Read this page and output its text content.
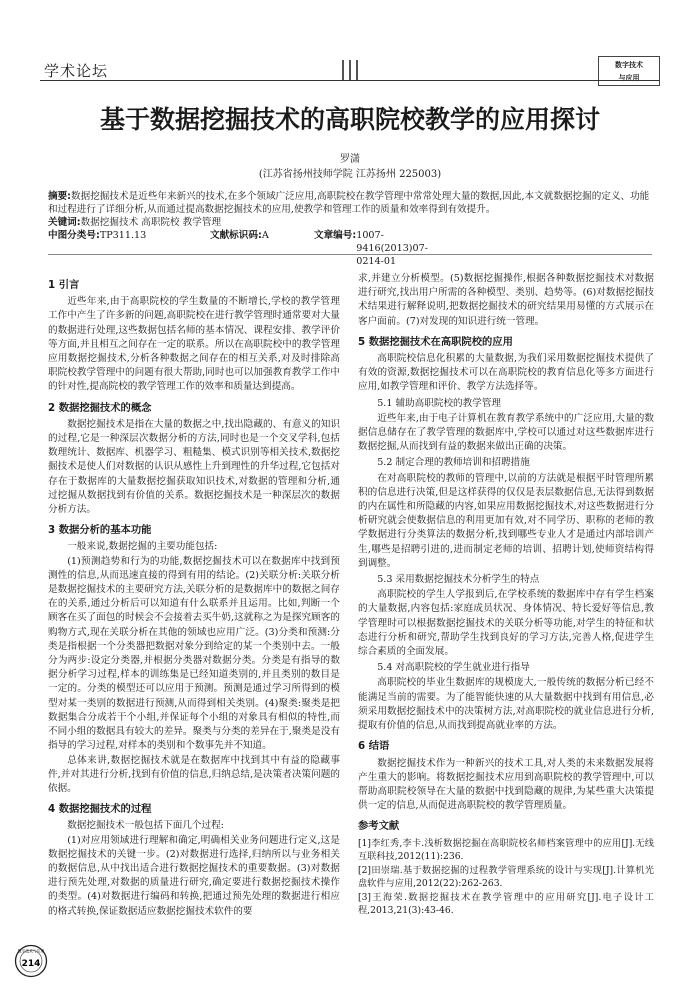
学术论坛	数字技术
与应用
基于数据挖掘技术的高职院校教学的应用探讨
罗潇
(江苏省扬州技师学院 江苏扬州 225003)
摘要:数据挖掘技术是近些年来新兴的技术,在多个领域广泛应用,高职院校在教学管理中常常处理大量的数据,因此,本文就数据挖掘的定义、功能和过程进行了详细分析,从而通过提高数据挖掘技术的应用,使教学和管理工作的质量和效率得到有效提升。
关键词:数据挖掘技术 高职院校 教学管理
中图分类号: TP311.13	文献标识码: A	文章编号: 1007-9416(2013)07-0214-01
1 引言

近些年来,由于高职院校的学生数量的不断增长,学校的教学管理工作中产生了许多新的问题,高职院校在进行教学管理时通常要对大量的数据进行处理,这些数据包括名师的基本情况、课程安排、教学评价等方面,并且相互之间存在一定的联系。所以在高职院校中的教学管理应用数据挖掘技术,分析各种数据之间存在的相互关系,对及时排除高职院校教学管理中的问题有很大帮助,同时也可以加强教育教学工作中的针对性,提高院校的教学管理工作的效率和质量达到提高。

2 数据挖掘技术的概念

数据挖掘技术是指在大量的数据之中,找出隐藏的、有意义的知识的过程,它是一种深层次数据分析的方法,同时也是一个交叉学科,包括数理统计、数据库、机器学习、粗糙集、模式识别等相关技术,数据挖掘技术是使人们对数据的认识从感性上升到理性的升华过程,它包括对存在于数据库的大量数据挖掘获取知识技术,对数据的管理和分析,通过挖掘从数据找到有价值的关系。数据挖掘技术是一种深层次的数据分析方法。

3 数据分析的基本功能

一般来说,数据挖掘的主要功能包括:

(1)预测趋势和行为的功能,数据挖掘技术可以在数据库中找到预测性的信息,从而迅速直接的得到有用的结论。(2)关联分析:关联分析是数据挖掘技术的主要研究方法,关联分析的是数据库中的数据之间存在的关系,通过分析后可以知道有什么联系并且运用。比如,判断一个顾客在买了面包的时候会不会接着去买牛奶,这就称之为是探究顾客的购物方式,现在关联分析在其他的领域也应用广泛。(3)分类和预测:分类是指根据一个分类器把数据对象分到给定的某一个类别中去。一般分为两步:设定分类器,并根据分类器对数据分类。分类是有指导的数据分析学习过程,样本的训练集是已经知道类别的,并且类别的数目是一定的。分类的模型还可以应用于预测。预测是通过学习所得到的模型对某一类别的数据进行预测,从而得到相关类别。(4)聚类:聚类是把数据集合分成若干个小组,并保证每个小组的对象具有相似的特性,而不同小组的数据具有较大的差异。聚类与分类的差异在于,聚类是没有指导的学习过程,对样本的类别和个数事先并不知道。

总体来讲,数据挖掘技术就是在数据库中找到其中有益的隐藏事件,并对其进行分析,找到有价值的信息,归纳总结,是决策者决策问题的依据。

4 数据挖掘技术的过程

数据挖掘技术一般包括下面几个过程:

(1)对应用领域进行理解和确定,明确相关业务问题进行定义,这是数据挖掘技术的关键一步。(2)对数据进行选择,归纳所以与业务相关的数据信息,从中找出适合进行数据挖掘技术的重要数据。(3)对数据进行预先处理,对数据的质量进行研究,确定要进行数据挖掘技术操作的类型。(4)对数据进行编码和转换,把通过预先处理的数据进行相应的格式转换,保证数据适应数据挖掘技术软件的要

求,并建立分析模型。(5)数据挖掘操作,根据各种数据挖掘技术对数据进行研究,找出用户所需的各种模型、类别、趋势等。(6)对数据挖掘技术结果进行解释说明,把数据挖掘技术的研究结果用易懂的方式展示在客户面前。(7)对发现的知识进行统一管理。

5 数据挖掘技术在高职院校的应用

高职院校信息化积累的大量数据,为我们采用数据挖掘技术提供了有效的资源,数据挖掘技术可以在高职院校的教育信息化等多方面进行应用,如教学管理和评价、教学方法选择等。

5.1 辅助高职院校的教学管理

近些年来,由于电子计算机在教育教学系统中的广泛应用,大量的数据信息储存在了教学管理的数据库中,学校可以通过对这些数据库进行数据挖掘,从而找到有益的数据来做出正确的决策。

5.2 制定合理的教师培训和招聘措施

在对高职院校的教师的管理中,以前的方法就是根据平时管理所累积的信息进行决策,但是这样获得的仅仅是表层数据信息,无法得到数据的内在属性和所隐藏的内容,如果应用数据挖掘技术,对这些数据进行分析研究就会使数据信息的利用更加有效,对不同学历、职称的老师的教学数据进行分类算法的数据分析,找到哪些专业人才是通过内部培训产生,哪些是招聘引进的,进而制定老师的培训、招聘计划,使师资结构得到调整。

5.3 采用数据挖掘技术分析学生的特点

高职院校的学生人学报到后,在学校系统的数据库中存有学生档案的大量数据,内容包括:家庭成员状况、身体情况、特长爱好等信息,教学管理时可以根据数据挖掘技术的关联分析等功能,对学生的特征和状态进行分析和研究,帮助学生找到良好的学习方法,完善人格,促进学生综合素质的全面发展。

5.4 对高职院校的学生就业进行指导

高职院校的毕业生数据库的规模庞大,一般传统的数据分析已经不能满足当前的需要。为了能智能快速的从大量数据中找到有用信息,必须采用数据挖掘技术中的决策树方法,对高职院校的就业信息进行分析,提取有价值的信息,从而找到提高就业率的方法。

6 结语

数据挖掘技术作为一种新兴的技术工具,对人类的未来数据发展将产生重大的影响。将数据挖掘技术应用到高职院校的教学管理中,可以帮助高职院校领导在大量的数据中找到隐藏的规律,为某些重大决策提供一定的信息,从而促进高职院校的教学管理质量。

参考文献

[1]李红秀,李卡.浅析数据挖掘在高职院校名师档案管理中的应用[J].无线互联科技,2012(11):236.

[2]田崇瑞.基于数据挖掘的过程教学管理系统的设计与实现[J].计算机光盘软件与应用,2012(22):262-263.

[3]王海荣.数据挖掘技术在教学管理中的应用研究[J].电子设计工程,2013,21(3):43-46.

数字技术与应用
214
